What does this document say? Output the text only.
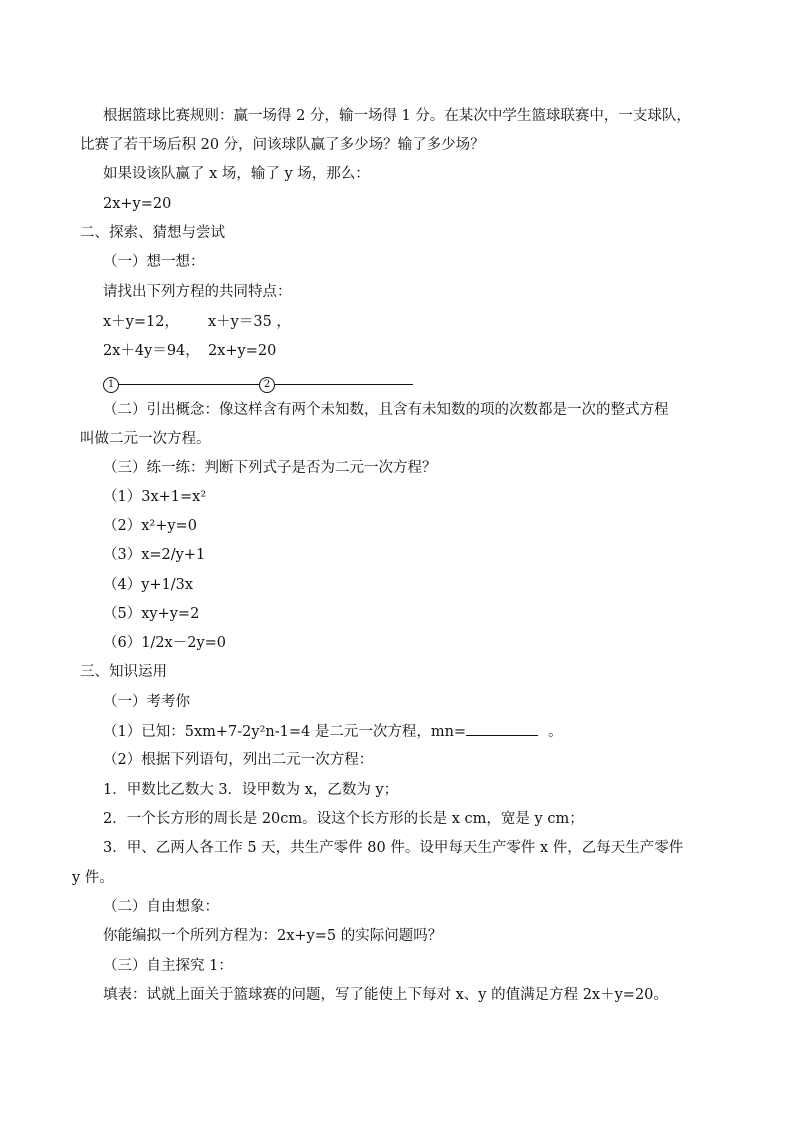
根据篮球比赛规则：赢一场得 2 分，输一场得 1 分。在某次中学生篮球联赛中，一支球队，
比赛了若干场后积 20 分，问该球队赢了多少场？输了多少场？
如果设该队赢了 x 场，输了 y 场，那么：
2x+y=20
二、探索、猜想与尝试
（一）想一想：
请找出下列方程的共同特点：
x＋y=12， x＋y＝35 ，
2x＋4y＝94， 2x+y=20
1	2
（二）引出概念：像这样含有两个未知数，且含有未知数的项的次数都是一次的整式方程
叫做二元一次方程。
（三）练一练：判断下列式子是否为二元一次方程？
（1）3x+1=x²
（2）x²+y=0
（3）x=2/y+1
（4）y+1/3x
（5）xy+y=2
（6）1/2x－2y=0
三、知识运用
（一）考考你
（1）已知：5xm+7-2y²n-1=4 是二元一次方程，mn=	。
（2）根据下列语句，列出二元一次方程：
1．甲数比乙数大 3．设甲数为 x，乙数为 y；
2．一个长方形的周长是 20cm。设这个长方形的长是 x cm，宽是 y cm；
3．甲、乙两人各工作 5 天，共生产零件 80 件。设甲每天生产零件 x 件，乙每天生产零件
y 件。
（二）自由想象：
你能编拟一个所列方程为：2x+y=5 的实际问题吗？
（三）自主探究 1：
填表：试就上面关于篮球赛的问题，写了能使上下每对 x、y 的值满足方程 2x＋y=20。
